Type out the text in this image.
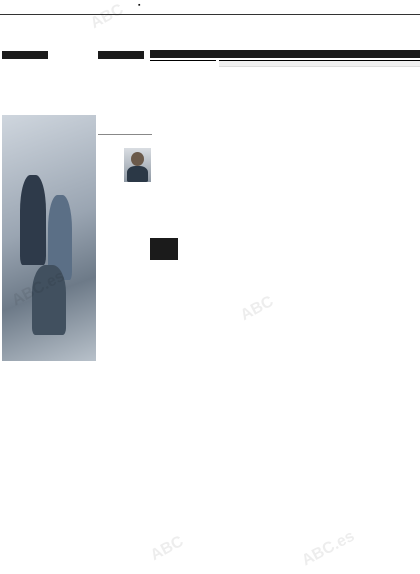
▪

ABC
ABC
ABC.es
ABC
